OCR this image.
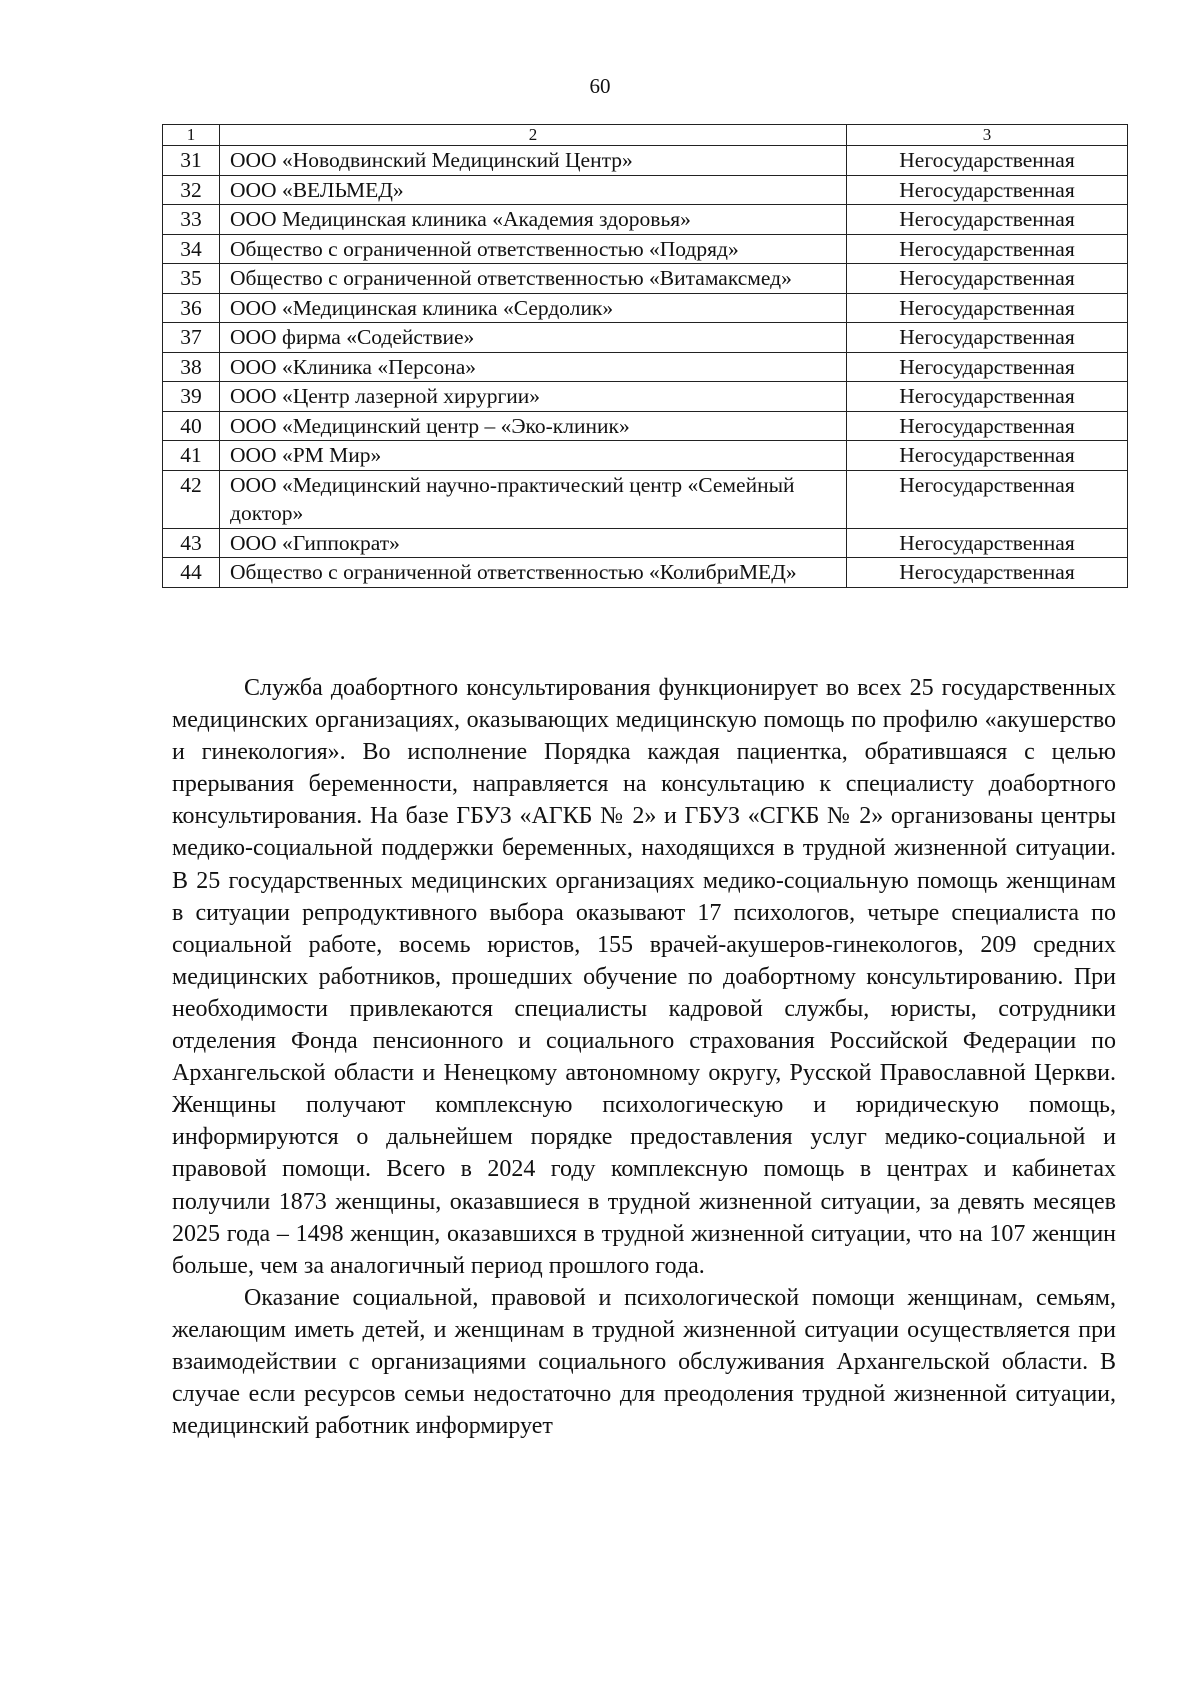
60
1	2	3
31	ООО «Новодвинский Медицинский Центр»	Негосударственная
32	ООО «ВЕЛЬМЕД»	Негосударственная
33	ООО Медицинская клиника «Академия здоровья»	Негосударственная
34	Общество с ограниченной ответственностью «Подряд»	Негосударственная
35	Общество с ограниченной ответственностью «Витамаксмед»	Негосударственная
36	ООО «Медицинская клиника «Сердолик»	Негосударственная
37	ООО фирма «Содействие»	Негосударственная
38	ООО «Клиника «Персона»	Негосударственная
39	ООО «Центр лазерной хирургии»	Негосударственная
40	ООО «Медицинский центр – «Эко-клиник»	Негосударственная
41	ООО «РМ Мир»	Негосударственная
42	ООО «Медицинский научно-практический центр «Семейный доктор»	Негосударственная
43	ООО «Гиппократ»	Негосударственная
44	Общество с ограниченной ответственностью «КолибриМЕД»	Негосударственная

Служба доабортного консультирования функционирует во всех 25 государственных медицинских организациях, оказывающих медицинскую помощь по профилю «акушерство и гинекология». Во исполнение Порядка каждая пациентка, обратившаяся с целью прерывания беременности, направляется на консультацию к специалисту доабортного консультирования. На базе ГБУЗ «АГКБ № 2» и ГБУЗ «СГКБ № 2» организованы центры медико-социальной поддержки беременных, находящихся в трудной жизненной ситуации. В 25 государственных медицинских организациях медико-социальную помощь женщинам в ситуации репродуктивного выбора оказывают 17 психологов, четыре специалиста по социальной работе, восемь юристов, 155 врачей-акушеров-гинекологов, 209 средних медицинских работников, прошедших обучение по доабортному консультированию. При необходимости привлекаются специалисты кадровой службы, юристы, сотрудники отделения Фонда пенсионного и социального страхования Российской Федерации по Архангельской области и Ненецкому автономному округу, Русской Православной Церкви. Женщины получают комплексную психологическую и юридическую помощь, информируются о дальнейшем порядке предоставления услуг медико-социальной и правовой помощи. Всего в 2024 году комплексную помощь в центрах и кабинетах получили 1873 женщины, оказавшиеся в трудной жизненной ситуации, за девять месяцев 2025 года – 1498 женщин, оказавшихся в трудной жизненной ситуации, что на 107 женщин больше, чем за аналогичный период прошлого года.

Оказание социальной, правовой и психологической помощи женщинам, семьям, желающим иметь детей, и женщинам в трудной жизненной ситуации осуществляется при взаимодействии с организациями социального обслуживания Архангельской области. В случае если ресурсов семьи недостаточно для преодоления трудной жизненной ситуации, медицинский работник информирует
